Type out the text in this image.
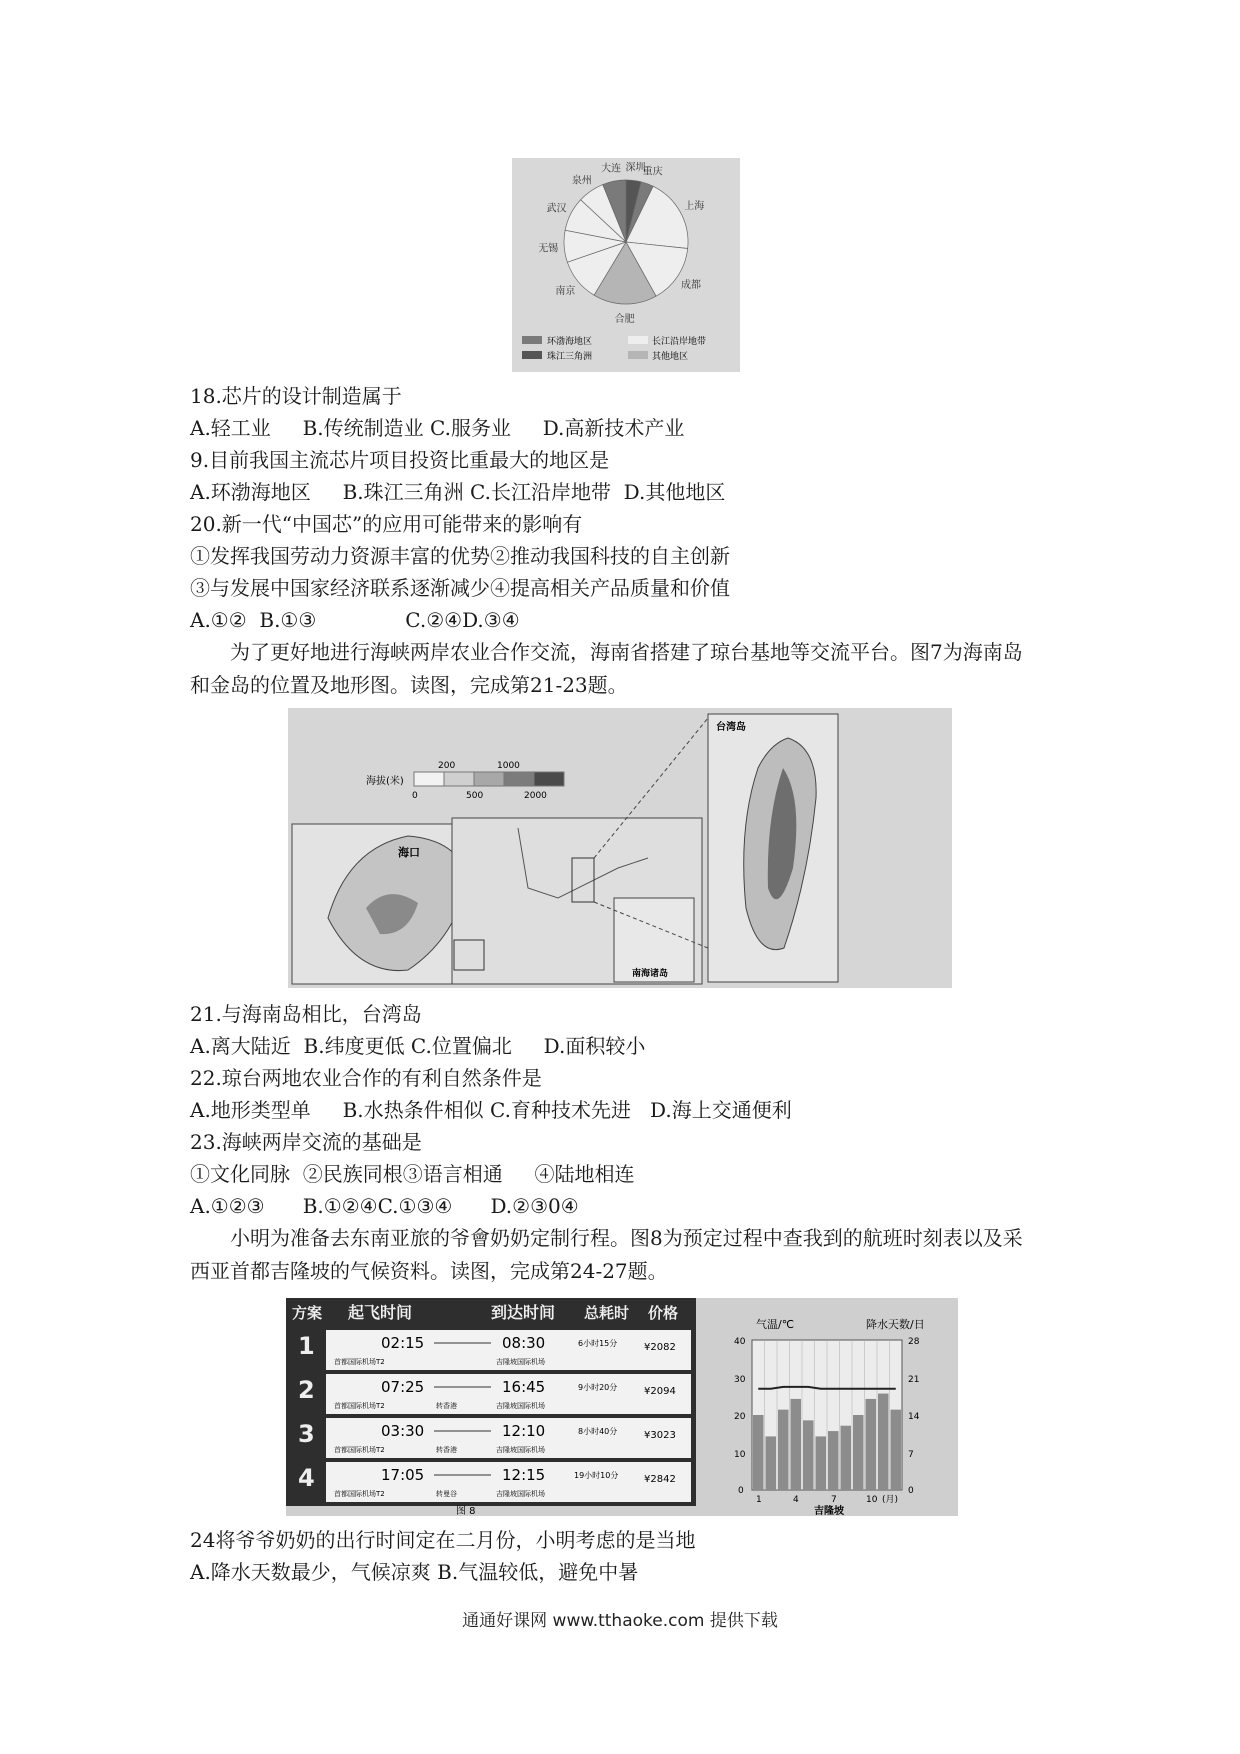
深圳
重庆
上海
成都
合肥
南京
无锡
武汉
泉州
大连
环渤海地区	长江沿岸地带
珠江三角洲	其他地区
18.芯片的设计制造属于
A.轻工业     B.传统制造业 C.服务业     D.高新技术产业
9.目前我国主流芯片项目投资比重最大的地区是
A.环渤海地区     B.珠江三角洲 C.长江沿岸地带  D.其他地区
20.新一代“中国芯”的应用可能带来的影响有
①发挥我国劳动力资源丰富的优势②推动我国科技的自主创新
③与发展中国家经济联系逐渐减少④提高相关产品质量和价值
A.①②  B.①③              C.②④D.③④
为了更好地进行海峡两岸农业合作交流，海南省搭建了琼台基地等交流平台。图7为海南岛和金岛的位置及地形图。读图，完成第21-23题。
海拔(米)
200	1000
0	500	2000
海口
南海诸岛
台湾岛
21.与海南岛相比，台湾岛
A.离大陆近  B.纬度更低 C.位置偏北     D.面积较小
22.琼台两地农业合作的有利自然条件是
A.地形类型单     B.水热条件相似 C.育种技术先进   D.海上交通便利
23.海峡两岸交流的基础是
①文化同脉  ②民族同根③语言相通     ④陆地相连
A.①②③      B.①②④C.①③④      D.②③0④
小明为准备去东南亚旅的爷會奶奶定制行程。图8为预定过程中查我到的航班时刻表以及采西亚首都吉隆坡的气候资料。读图，完成第24-27题。
方案 起飞时间	到达时间 总耗时 价格
1	02:15	08:30	6小时15分	¥2082
首都国际机场T2	吉隆坡国际机场
2	07:25	16:45	9小时20分	¥2094
首都国际机场T2	转香港	吉隆坡国际机场
3	03:30	12:10	8小时40分	¥3023
首都国际机场T2	转香港	吉隆坡国际机场
4	17:05	12:15	19小时10分	¥2842
首都国际机场T2	转曼谷	吉隆坡国际机场
图 8
气温/℃	降水天数/日
40
30
20
10
0
28
21
14
7
0
1	4	7	10 (月)
吉隆坡
24将爷爷奶奶的出行时间定在二月份，小明考虑的是当地
A.降水天数最少，气候凉爽 B.气温较低，避免中暑
通通好课网 www.tthaoke.com 提供下载
